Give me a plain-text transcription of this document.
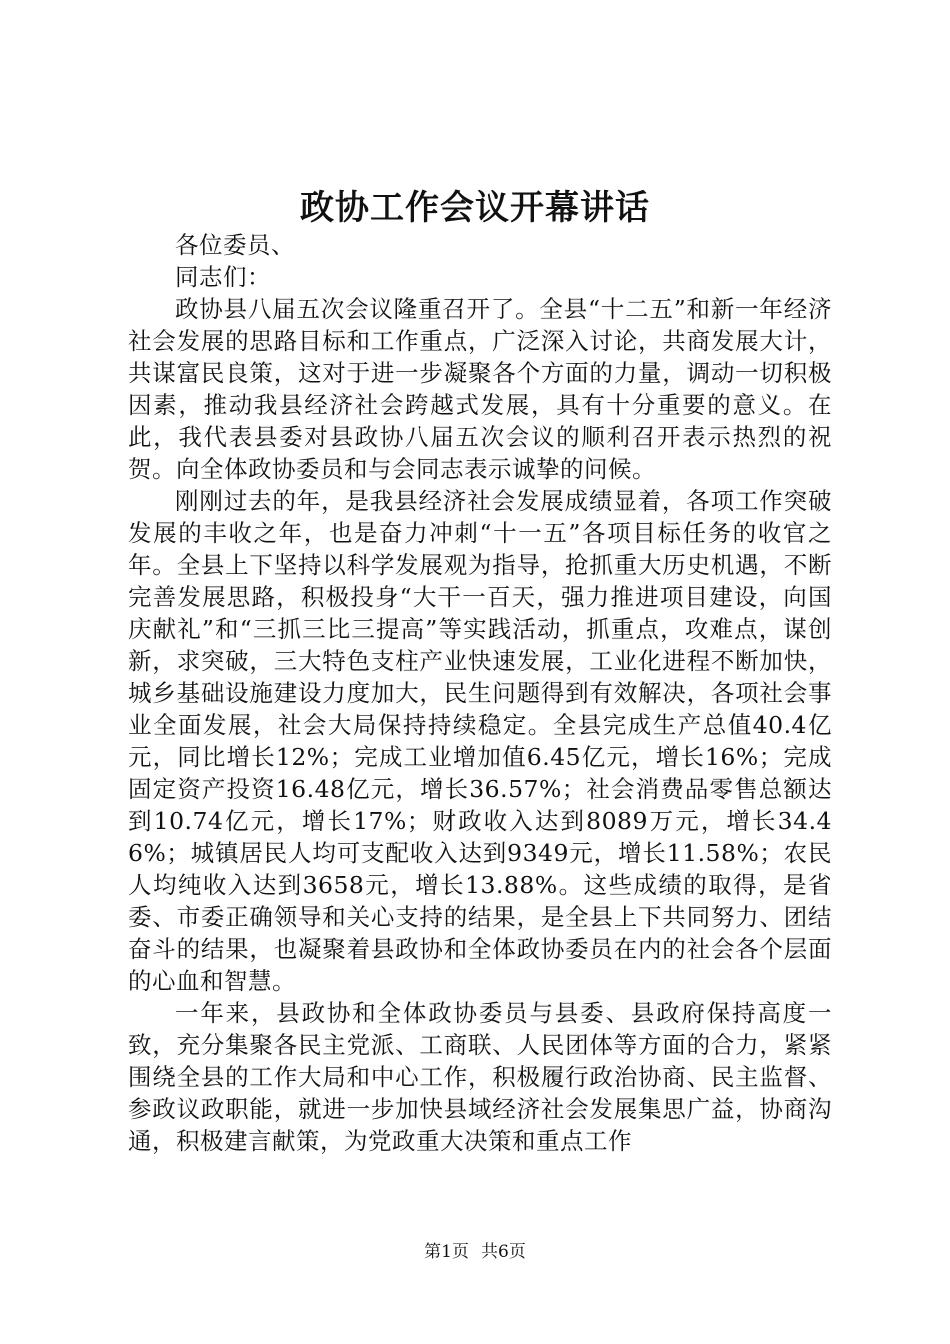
政协工作会议开幕讲话

各位委员、

同志们：

政协县八届五次会议隆重召开了。全县“十二五”和新一年经济社会发展的思路目标和工作重点，广泛深入讨论，共商发展大计，共谋富民良策，这对于进一步凝聚各个方面的力量，调动一切积极因素，推动我县经济社会跨越式发展，具有十分重要的意义。在此，我代表县委对县政协八届五次会议的顺利召开表示热烈的祝贺。向全体政协委员和与会同志表示诚挚的问候。

刚刚过去的年，是我县经济社会发展成绩显着，各项工作突破发展的丰收之年，也是奋力冲刺“十一五”各项目标任务的收官之年。全县上下坚持以科学发展观为指导，抢抓重大历史机遇，不断完善发展思路，积极投身“大干一百天，强力推进项目建设，向国庆献礼”和“三抓三比三提高”等实践活动，抓重点，攻难点，谋创新，求突破，三大特色支柱产业快速发展，工业化进程不断加快，城乡基础设施建设力度加大，民生问题得到有效解决，各项社会事业全面发展，社会大局保持持续稳定。全县完成生产总值40.4亿元，同比增长12%；完成工业增加值6.45亿元，增长16%；完成固定资产投资16.48亿元，增长36.57%；社会消费品零售总额达到10.74亿元，增长17%；财政收入达到8089万元，增长34.46%；城镇居民人均可支配收入达到9349元，增长11.58%；农民人均纯收入达到3658元，增长13.88%。这些成绩的取得，是省委、市委正确领导和关心支持的结果，是全县上下共同努力、团结奋斗的结果，也凝聚着县政协和全体政协委员在内的社会各个层面的心血和智慧。

一年来，县政协和全体政协委员与县委、县政府保持高度一致，充分集聚各民主党派、工商联、人民团体等方面的合力，紧紧围绕全县的工作大局和中心工作，积极履行政治协商、民主监督、参政议政职能，就进一步加快县域经济社会发展集思广益，协商沟通，积极建言献策，为党政重大决策和重点工作

第1页 共6页
